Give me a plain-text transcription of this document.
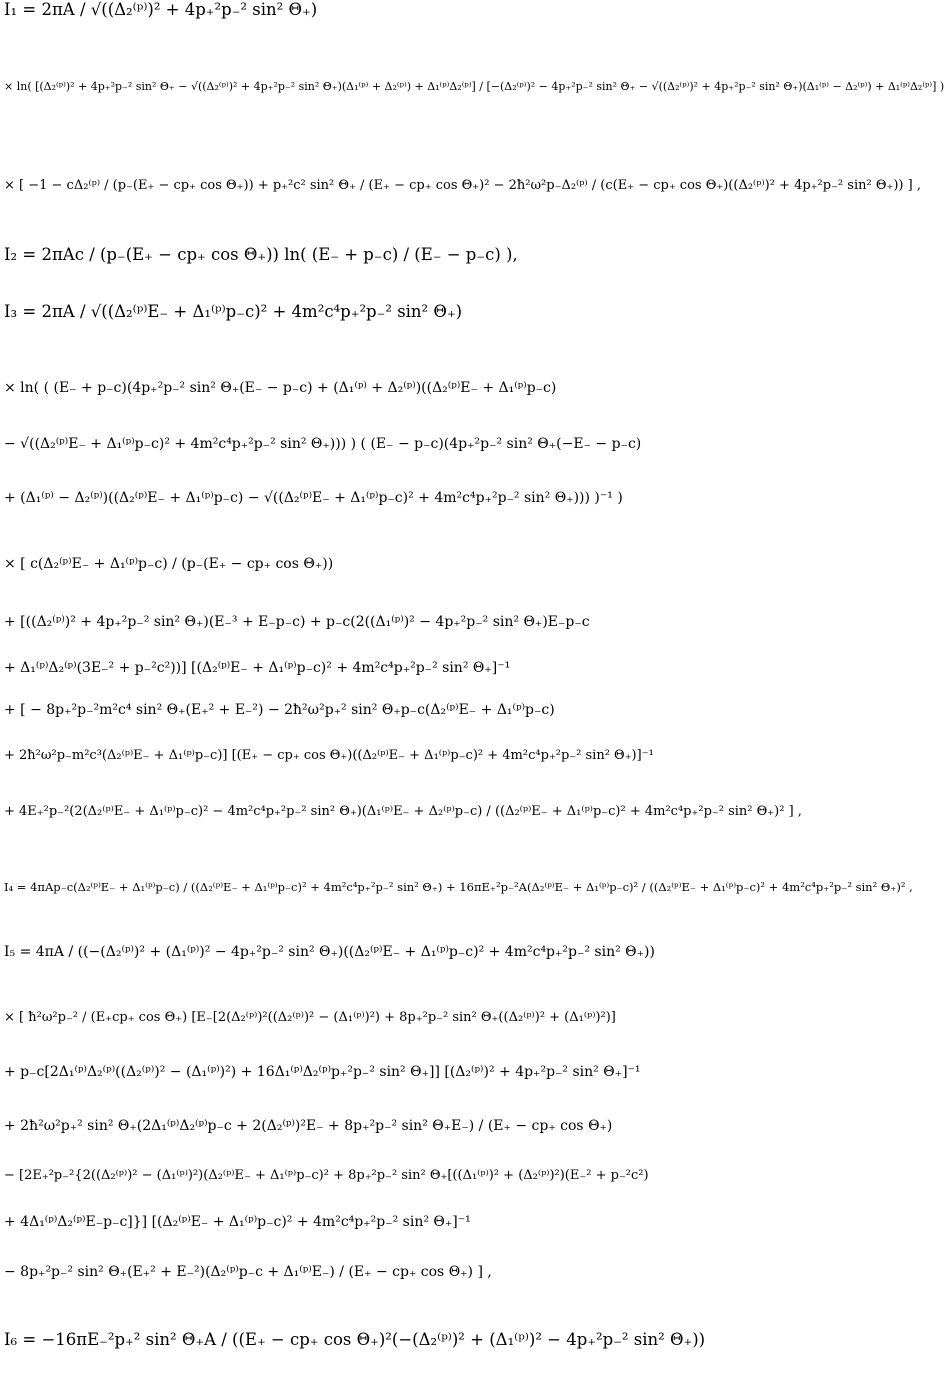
I₁ = 2πA / √((Δ₂⁽ᵖ⁾)² + 4p₊²p₋² sin² Θ₊)
× ln( [(Δ₂⁽ᵖ⁾)² + 4p₊²p₋² sin² Θ₊ − √((Δ₂⁽ᵖ⁾)² + 4p₊²p₋² sin² Θ₊)(Δ₁⁽ᵖ⁾ + Δ₂⁽ᵖ⁾) + Δ₁⁽ᵖ⁾Δ₂⁽ᵖ⁾] / [−(Δ₂⁽ᵖ⁾)² − 4p₊²p₋² sin² Θ₊ − √((Δ₂⁽ᵖ⁾)² + 4p₊²p₋² sin² Θ₊)(Δ₁⁽ᵖ⁾ − Δ₂⁽ᵖ⁾) + Δ₁⁽ᵖ⁾Δ₂⁽ᵖ⁾] )
× [ −1 − cΔ₂⁽ᵖ⁾ / (p₋(E₊ − cp₊ cos Θ₊)) + p₊²c² sin² Θ₊ / (E₊ − cp₊ cos Θ₊)² − 2ħ²ω²p₋Δ₂⁽ᵖ⁾ / (c(E₊ − cp₊ cos Θ₊)((Δ₂⁽ᵖ⁾)² + 4p₊²p₋² sin² Θ₊)) ] ,
I₂ = 2πAc / (p₋(E₊ − cp₊ cos Θ₊)) ln( (E₋ + p₋c) / (E₋ − p₋c) ),
I₃ = 2πA / √((Δ₂⁽ᵖ⁾E₋ + Δ₁⁽ᵖ⁾p₋c)² + 4m²c⁴p₊²p₋² sin² Θ₊)
× ln( ( (E₋ + p₋c)(4p₊²p₋² sin² Θ₊(E₋ − p₋c) + (Δ₁⁽ᵖ⁾ + Δ₂⁽ᵖ⁾)((Δ₂⁽ᵖ⁾E₋ + Δ₁⁽ᵖ⁾p₋c)
− √((Δ₂⁽ᵖ⁾E₋ + Δ₁⁽ᵖ⁾p₋c)² + 4m²c⁴p₊²p₋² sin² Θ₊))) ) ( (E₋ − p₋c)(4p₊²p₋² sin² Θ₊(−E₋ − p₋c)
+ (Δ₁⁽ᵖ⁾ − Δ₂⁽ᵖ⁾)((Δ₂⁽ᵖ⁾E₋ + Δ₁⁽ᵖ⁾p₋c) − √((Δ₂⁽ᵖ⁾E₋ + Δ₁⁽ᵖ⁾p₋c)² + 4m²c⁴p₊²p₋² sin² Θ₊))) )⁻¹ )
× [ c(Δ₂⁽ᵖ⁾E₋ + Δ₁⁽ᵖ⁾p₋c) / (p₋(E₊ − cp₊ cos Θ₊))
+ [((Δ₂⁽ᵖ⁾)² + 4p₊²p₋² sin² Θ₊)(E₋³ + E₋p₋c) + p₋c(2((Δ₁⁽ᵖ⁾)² − 4p₊²p₋² sin² Θ₊)E₋p₋c
+ Δ₁⁽ᵖ⁾Δ₂⁽ᵖ⁾(3E₋² + p₋²c²))] [(Δ₂⁽ᵖ⁾E₋ + Δ₁⁽ᵖ⁾p₋c)² + 4m²c⁴p₊²p₋² sin² Θ₊]⁻¹
+ [ − 8p₊²p₋²m²c⁴ sin² Θ₊(E₊² + E₋²) − 2ħ²ω²p₊² sin² Θ₊p₋c(Δ₂⁽ᵖ⁾E₋ + Δ₁⁽ᵖ⁾p₋c)
+ 2ħ²ω²p₋m²c³(Δ₂⁽ᵖ⁾E₋ + Δ₁⁽ᵖ⁾p₋c)] [(E₊ − cp₊ cos Θ₊)((Δ₂⁽ᵖ⁾E₋ + Δ₁⁽ᵖ⁾p₋c)² + 4m²c⁴p₊²p₋² sin² Θ₊)]⁻¹
+ 4E₊²p₋²(2(Δ₂⁽ᵖ⁾E₋ + Δ₁⁽ᵖ⁾p₋c)² − 4m²c⁴p₊²p₋² sin² Θ₊)(Δ₁⁽ᵖ⁾E₋ + Δ₂⁽ᵖ⁾p₋c) / ((Δ₂⁽ᵖ⁾E₋ + Δ₁⁽ᵖ⁾p₋c)² + 4m²c⁴p₊²p₋² sin² Θ₊)² ] ,
I₄ = 4πAp₋c(Δ₂⁽ᵖ⁾E₋ + Δ₁⁽ᵖ⁾p₋c) / ((Δ₂⁽ᵖ⁾E₋ + Δ₁⁽ᵖ⁾p₋c)² + 4m²c⁴p₊²p₋² sin² Θ₊) + 16πE₊²p₋²A(Δ₂⁽ᵖ⁾E₋ + Δ₁⁽ᵖ⁾p₋c)² / ((Δ₂⁽ᵖ⁾E₋ + Δ₁⁽ᵖ⁾p₋c)² + 4m²c⁴p₊²p₋² sin² Θ₊)² ,
I₅ = 4πA / ((−(Δ₂⁽ᵖ⁾)² + (Δ₁⁽ᵖ⁾)² − 4p₊²p₋² sin² Θ₊)((Δ₂⁽ᵖ⁾E₋ + Δ₁⁽ᵖ⁾p₋c)² + 4m²c⁴p₊²p₋² sin² Θ₊))
× [ ħ²ω²p₋² / (E₊cp₊ cos Θ₊) [E₋[2(Δ₂⁽ᵖ⁾)²((Δ₂⁽ᵖ⁾)² − (Δ₁⁽ᵖ⁾)²) + 8p₊²p₋² sin² Θ₊((Δ₂⁽ᵖ⁾)² + (Δ₁⁽ᵖ⁾)²)]
+ p₋c[2Δ₁⁽ᵖ⁾Δ₂⁽ᵖ⁾((Δ₂⁽ᵖ⁾)² − (Δ₁⁽ᵖ⁾)²) + 16Δ₁⁽ᵖ⁾Δ₂⁽ᵖ⁾p₊²p₋² sin² Θ₊]] [(Δ₂⁽ᵖ⁾)² + 4p₊²p₋² sin² Θ₊]⁻¹
+ 2ħ²ω²p₊² sin² Θ₊(2Δ₁⁽ᵖ⁾Δ₂⁽ᵖ⁾p₋c + 2(Δ₂⁽ᵖ⁾)²E₋ + 8p₊²p₋² sin² Θ₊E₋) / (E₊ − cp₊ cos Θ₊)
− [2E₊²p₋²{2((Δ₂⁽ᵖ⁾)² − (Δ₁⁽ᵖ⁾)²)(Δ₂⁽ᵖ⁾E₋ + Δ₁⁽ᵖ⁾p₋c)² + 8p₊²p₋² sin² Θ₊[((Δ₁⁽ᵖ⁾)² + (Δ₂⁽ᵖ⁾)²)(E₋² + p₋²c²)
+ 4Δ₁⁽ᵖ⁾Δ₂⁽ᵖ⁾E₋p₋c]}] [(Δ₂⁽ᵖ⁾E₋ + Δ₁⁽ᵖ⁾p₋c)² + 4m²c⁴p₊²p₋² sin² Θ₊]⁻¹
− 8p₊²p₋² sin² Θ₊(E₊² + E₋²)(Δ₂⁽ᵖ⁾p₋c + Δ₁⁽ᵖ⁾E₋) / (E₊ − cp₊ cos Θ₊) ] ,
I₆ = −16πE₋²p₊² sin² Θ₊A / ((E₊ − cp₊ cos Θ₊)²(−(Δ₂⁽ᵖ⁾)² + (Δ₁⁽ᵖ⁾)² − 4p₊²p₋² sin² Θ₊))
